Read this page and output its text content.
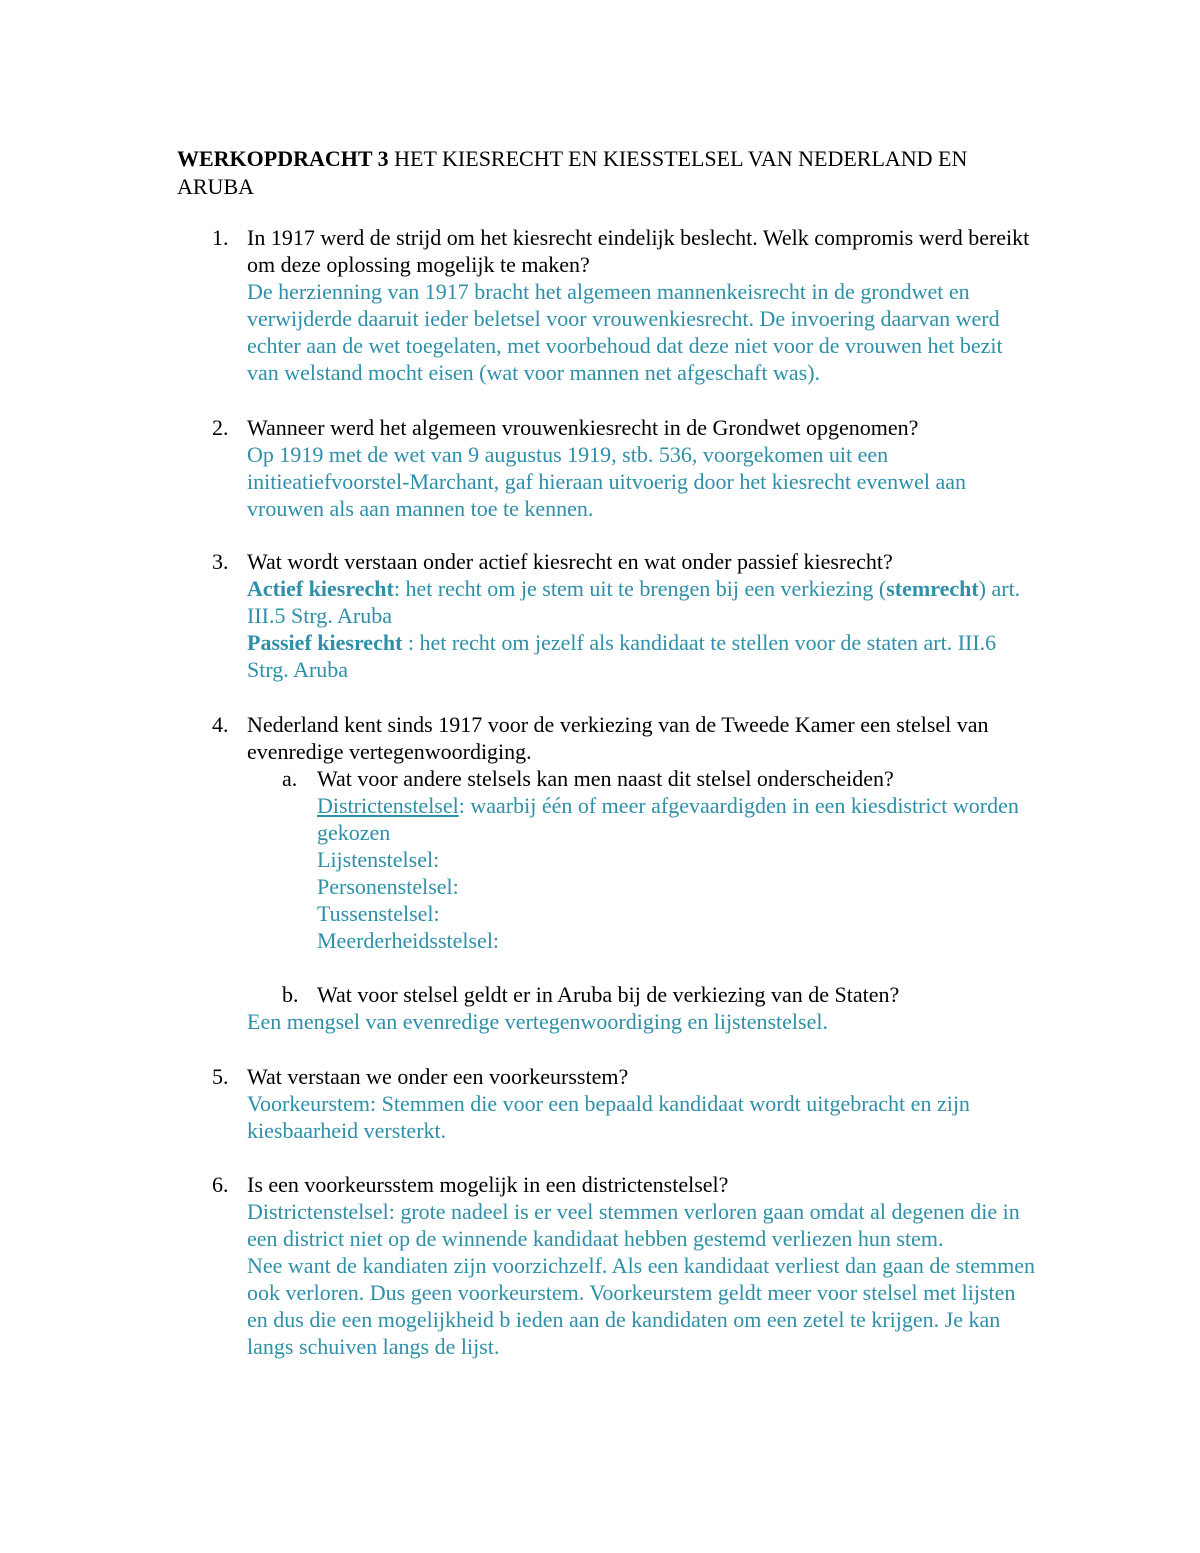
WERKOPDRACHT 3 HET KIESRECHT EN KIESSTELSEL VAN NEDERLAND EN ARUBA
1. In 1917 werd de strijd om het kiesrecht eindelijk beslecht. Welk compromis werd bereikt om deze oplossing mogelijk te maken?

De herzienning van 1917 bracht het algemeen mannenkeisrecht in de grondwet en verwijderde daaruit ieder beletsel voor vrouwenkiesrecht. De invoering daarvan werd echter aan de wet toegelaten, met voorbehoud dat deze niet voor de vrouwen het bezit van welstand mocht eisen (wat voor mannen net afgeschaft was).

2. Wanneer werd het algemeen vrouwenkiesrecht in de Grondwet opgenomen?

Op 1919 met de wet van 9 augustus 1919, stb. 536, voorgekomen uit een initieatiefvoorstel-Marchant, gaf hieraan uitvoerig door het kiesrecht evenwel aan vrouwen als aan mannen toe te kennen.

3. Wat wordt verstaan onder actief kiesrecht en wat onder passief kiesrecht?

Actief kiesrecht: het recht om je stem uit te brengen bij een verkiezing (stemrecht) art. III.5 Strg. Aruba

Passief kiesrecht : het recht om jezelf als kandidaat te stellen voor de staten art. III.6 Strg. Aruba

4. Nederland kent sinds 1917 voor de verkiezing van de Tweede Kamer een stelsel van evenredige vertegenwoordiging.

a. Wat voor andere stelsels kan men naast dit stelsel onderscheiden?

Districtenstelsel: waarbij één of meer afgevaardigden in een kiesdistrict worden gekozen

Lijstenstelsel:

Personenstelsel:

Tussenstelsel:

Meerderheidsstelsel:

b. Wat voor stelsel geldt er in Aruba bij de verkiezing van de Staten?

Een mengsel van evenredige vertegenwoordiging en lijstenstelsel.

5. Wat verstaan we onder een voorkeursstem?

Voorkeurstem: Stemmen die voor een bepaald kandidaat wordt uitgebracht en zijn kiesbaarheid versterkt.

6. Is een voorkeursstem mogelijk in een districtenstelsel?

Districtenstelsel: grote nadeel is er veel stemmen verloren gaan omdat al degenen die in een district niet op de winnende kandidaat hebben gestemd verliezen hun stem.

Nee want de kandiaten zijn voorzichzelf. Als een kandidaat verliest dan gaan de stemmen ook verloren. Dus geen voorkeurstem. Voorkeurstem geldt meer voor stelsel met lijsten en dus die een mogelijkheid b ieden aan de kandidaten om een zetel te krijgen. Je kan langs schuiven langs de lijst.
